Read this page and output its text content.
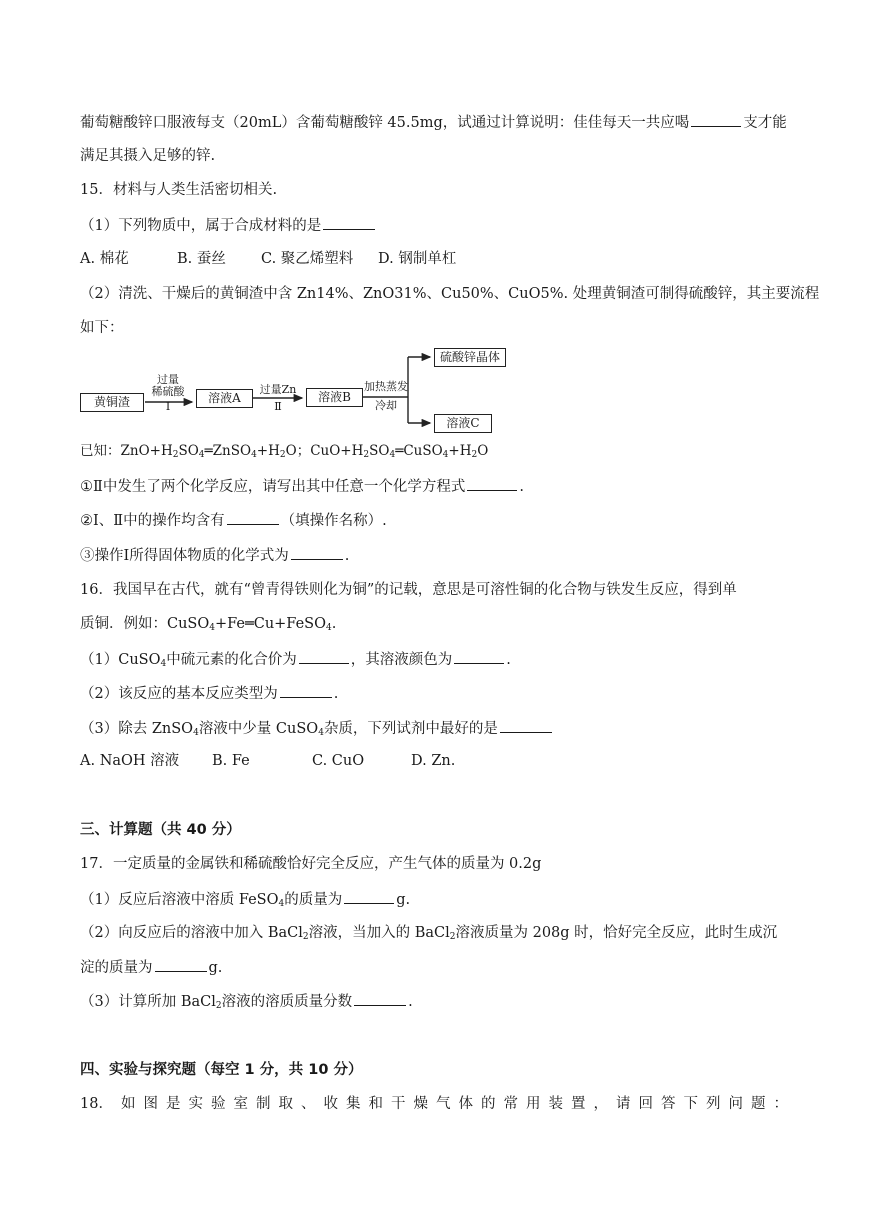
葡萄糖酸锌口服液每支（20mL）含葡萄糖酸锌 45.5mg，试通过计算说明：佳佳每天一共应喝	支才能
满足其摄入足够的锌.
15．材料与人类生活密切相关.
（1）下列物质中，属于合成材料的是
A. 棉花	B. 蚕丝 C. 聚乙烯塑料 D. 钢制单杠
（2）清洗、干燥后的黄铜渣中含 Zn14%、ZnO31%、Cu50%、CuO5%. 处理黄铜渣可制得硫酸锌，其主要流程
如下：
黄铜渣
过量
稀硫酸
Ⅰ
溶液A
过量Zn
Ⅱ
溶液B
加热蒸发
冷却
硫酸锌晶体
溶液C
已知：$ZnO+H_2SO_4═ZnSO_4+H_2O$；$CuO+H_2SO_4═CuSO_4+H_2O$
①Ⅱ中发生了两个化学反应，请写出其中任意一个化学方程式	.
②Ⅰ、Ⅱ中的操作均含有	（填操作名称）.
③操作Ⅰ所得固体物质的化学式为	.
16．我国早在古代，就有“曾青得铁则化为铜”的记载，意思是可溶性铜的化合物与铁发生反应，得到单
质铜．例如：CuSO$_4$+Fe═Cu+FeSO$_4$.
（1）CuSO$_4$中硫元素的化合价为	，其溶液颜色为	.
（2）该反应的基本反应类型为	.
（3）除去 ZnSO$_4$溶液中少量 CuSO$_4$杂质，下列试剂中最好的是
A. NaOH 溶液 B. Fe	C. CuO	D. Zn.
三、计算题（共 40 分）
17．一定质量的金属铁和稀硫酸恰好完全反应，产生气体的质量为 0.2g
（1）反应后溶液中溶质 FeSO$_4$的质量为	g.
（2）向反应后的溶液中加入 BaCl$_2$溶液，当加入的 BaCl$_2$溶液质量为 208g 时，恰好完全反应，此时生成沉
淀的质量为	g.
（3）计算所加 BaCl$_2$溶液的溶质质量分数	.
四、实验与探究题（每空 1 分，共 10 分）
18． 如 图 是 实 验 室 制 取 、 收 集 和 干 燥 气 体 的 常 用 装 置 ， 请 回 答 下 列 问 题 ：
